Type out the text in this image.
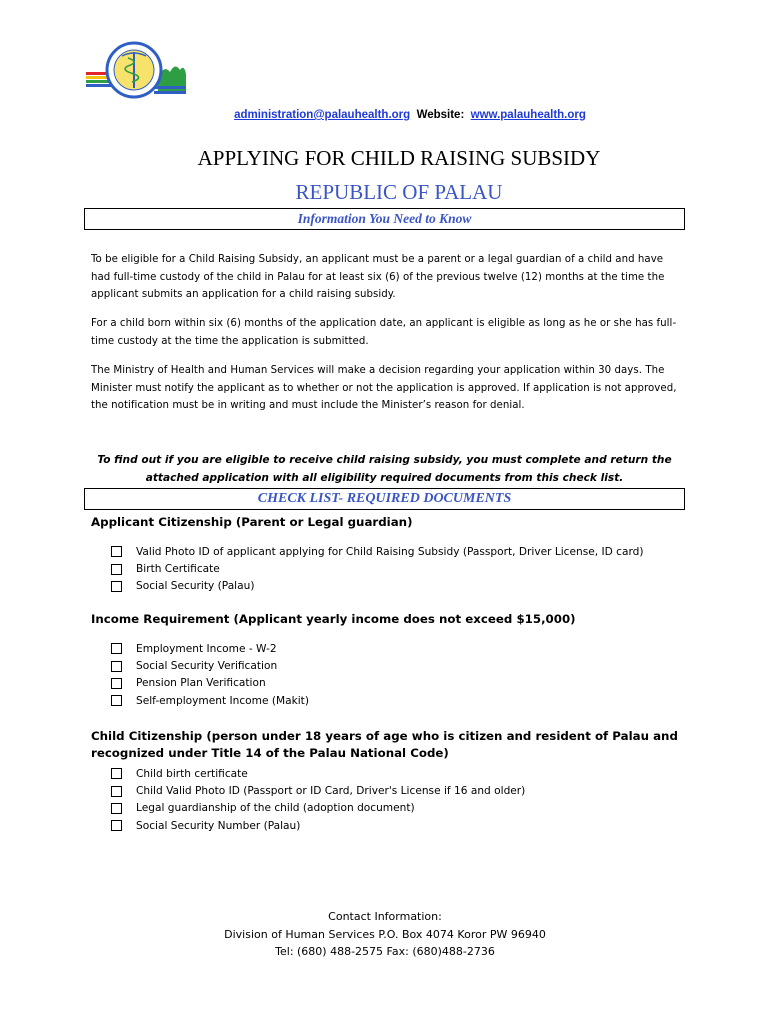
administration@palauhealth.org Website: www.palauhealth.org
APPLYING FOR CHILD RAISING SUBSIDY
REPUBLIC OF PALAU
Information You Need to Know
To be eligible for a Child Raising Subsidy, an applicant must be a parent or a legal guardian of a child and have had full-time custody of the child in Palau for at least six (6) of the previous twelve (12) months at the time the applicant submits an application for a child raising subsidy.
For a child born within six (6) months of the application date, an applicant is eligible as long as he or she has full-time custody at the time the application is submitted.
The Ministry of Health and Human Services will make a decision regarding your application within 30 days. The Minister must notify the applicant as to whether or not the application is approved. If application is not approved, the notification must be in writing and must include the Minister’s reason for denial.
To find out if you are eligible to receive child raising subsidy, you must complete and return the attached application with all eligibility required documents from this check list.
CHECK LIST- REQUIRED DOCUMENTS
Applicant Citizenship (Parent or Legal guardian)
Valid Photo ID of applicant applying for Child Raising Subsidy (Passport, Driver License, ID card)
Birth Certificate
Social Security (Palau)
Income Requirement (Applicant yearly income does not exceed $15,000)
Employment Income - W-2
Social Security Verification
Pension Plan Verification
Self-employment Income (Makit)
Child Citizenship (person under 18 years of age who is citizen and resident of Palau and recognized under Title 14 of the Palau National Code)
Child birth certificate
Child Valid Photo ID (Passport or ID Card, Driver's License if 16 and older)
Legal guardianship of the child (adoption document)
Social Security Number (Palau)
Contact Information:
Division of Human Services P.O. Box 4074 Koror PW 96940
Tel: (680) 488-2575 Fax: (680)488-2736
